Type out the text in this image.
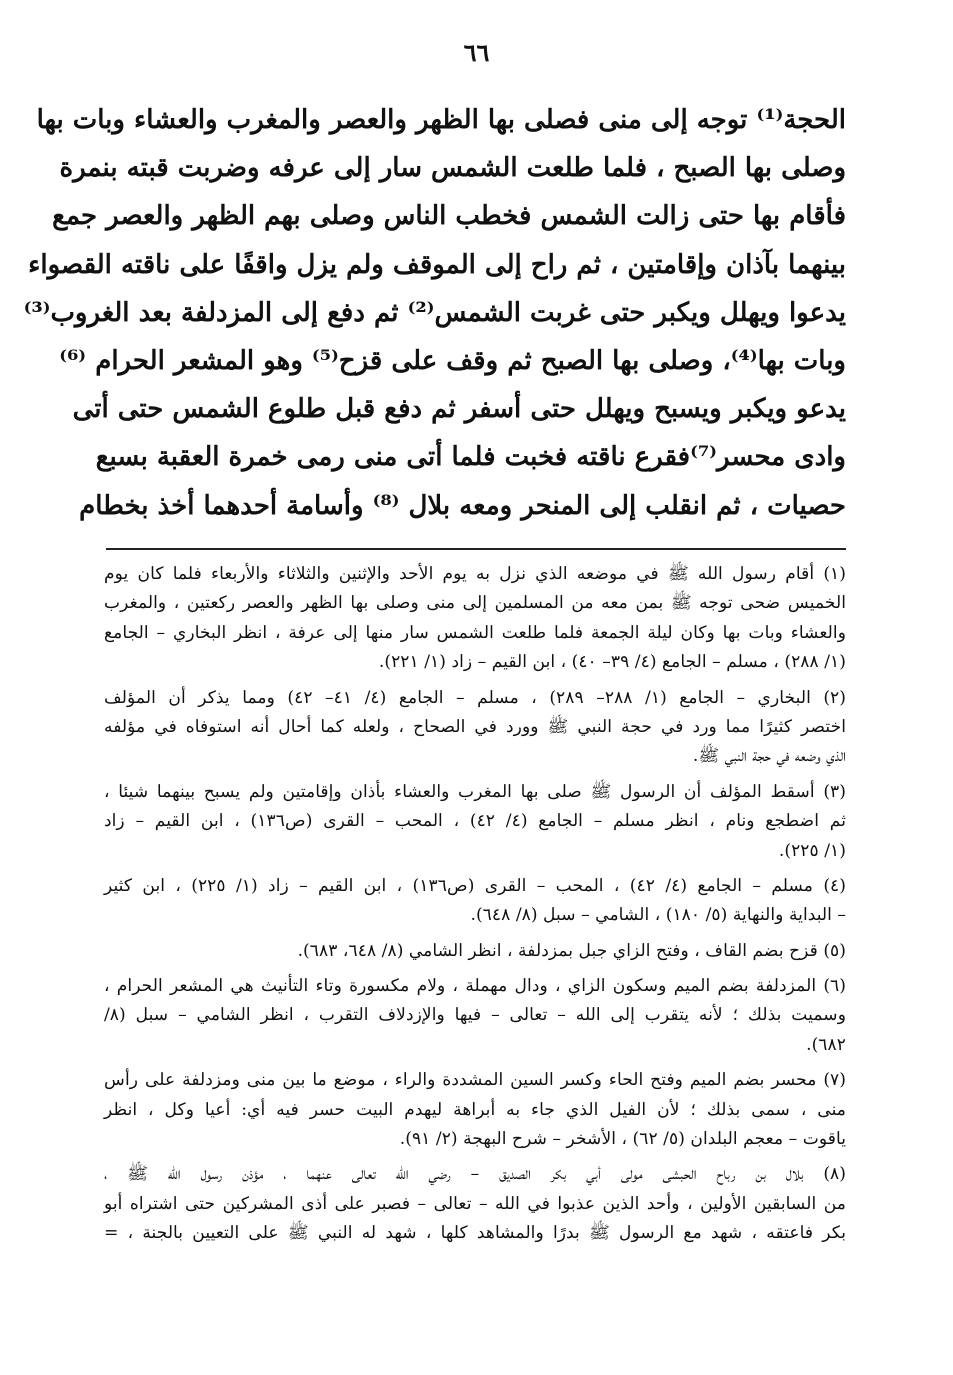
٦٦
الحجة⁽¹⁾ توجه إلى منى فصلى بها الظهر والعصر والمغرب والعشاء وبات بها
وصلى بها الصبح ، فلما طلعت الشمس سار إلى عرفه وضربت قبته بنمرة
فأقام بها حتى زالت الشمس فخطب الناس وصلى بهم الظهر والعصر جمع
بينهما بآذان وإقامتين ، ثم راح إلى الموقف ولم يزل واقفًا على ناقته القصواء
يدعوا ويهلل ويكبر حتى غربت الشمس⁽²⁾ ثم دفع إلى المزدلفة بعد الغروب⁽³⁾
وبات بها⁽⁴⁾، وصلى بها الصبح ثم وقف على قزح⁽⁵⁾ وهو المشعر الحرام ⁽⁶⁾
يدعو ويكبر ويسبح ويهلل حتى أسفر ثم دفع قبل طلوع الشمس حتى أتى
وادى محسر⁽⁷⁾فقرع ناقته فخبت فلما أتى منى رمى خمرة العقبة بسبع
حصيات ، ثم انقلب إلى المنحر ومعه بلال ⁽⁸⁾ وأسامة أحدهما أخذ بخطام
(١) أقام رسول الله ﷺ في موضعه الذي نزل به يوم الأحد والإثنين والثلاثاء والأربعاء فلما كان يوم
الخميس ضحى توجه ﷺ بمن معه من المسلمين إلى منى وصلى بها الظهر والعصر ركعتين ، والمغرب
والعشاء وبات بها وكان ليلة الجمعة فلما طلعت الشمس سار منها إلى عرفة ، انظر البخاري – الجامع
(١/ ٢٨٨) ، مسلم – الجامع (٤/ ٣٩– ٤٠) ، ابن القيم – زاد (١/ ٢٢١).
(٢) البخاري – الجامع (١/ ٢٨٨– ٢٨٩) ، مسلم – الجامع (٤/ ٤١– ٤٢) ومما يذكر أن المؤلف
اختصر كثيرًا مما ورد في حجة النبي ﷺ وورد في الصحاح ، ولعله كما أحال أنه استوفاه في مؤلفه
الذي وضعه في حجة النبي ﷺ.
(٣) أسقط المؤلف أن الرسول ﷺ صلى بها المغرب والعشاء بأذان وإقامتين ولم يسبح بينهما شيئا ،
ثم اضطجع ونام ، انظر مسلم – الجامع (٤/ ٤٢) ، المحب – القرى (ص١٣٦) ، ابن القيم – زاد
(١/ ٢٢٥).
(٤) مسلم – الجامع (٤/ ٤٢) ، المحب – القرى (ص١٣٦) ، ابن القيم – زاد (١/ ٢٢٥) ، ابن كثير
– البداية والنهاية (٥/ ١٨٠) ، الشامي – سبل (٨/ ٦٤٨).
(٥) قزح بضم القاف ، وفتح الزاي جبل بمزدلفة ، انظر الشامي (٨/ ٦٤٨، ٦٨٣).
(٦) المزدلفة بضم الميم وسكون الزاي ، ودال مهملة ، ولام مكسورة وتاء التأنيث هي المشعر الحرام ،
وسميت بذلك ؛ لأنه يتقرب إلى الله – تعالى – فيها والإزدلاف التقرب ، انظر الشامي – سبل (٨/
٦٨٢).
(٧) محسر بضم الميم وفتح الحاء وكسر السين المشددة والراء ، موضع ما بين منى ومزدلفة على رأس
منى ، سمى بذلك ؛ لأن الفيل الذي جاء به أبراهة ليهدم البيت حسر فيه أي: أعيا وكل ، انظر
ياقوت – معجم البلدان (٥/ ٦٢) ، الأشخر – شرح البهجة (٢/ ٩١).
(٨) بلال بن رباح الحبشى مولى أبي بكر الصديق – رضي الله تعالى عنهما ، مؤذن رسول الله ﷺ ،
من السابقين الأولين ، وأحد الذين عذبوا في الله – تعالى – فصبر على أذى المشركين حتى اشتراه أبو
بكر فاعتقه ، شهد مع الرسول ﷺ بدرًا والمشاهد كلها ، شهد له النبي ﷺ على التعيين بالجنة ، =
